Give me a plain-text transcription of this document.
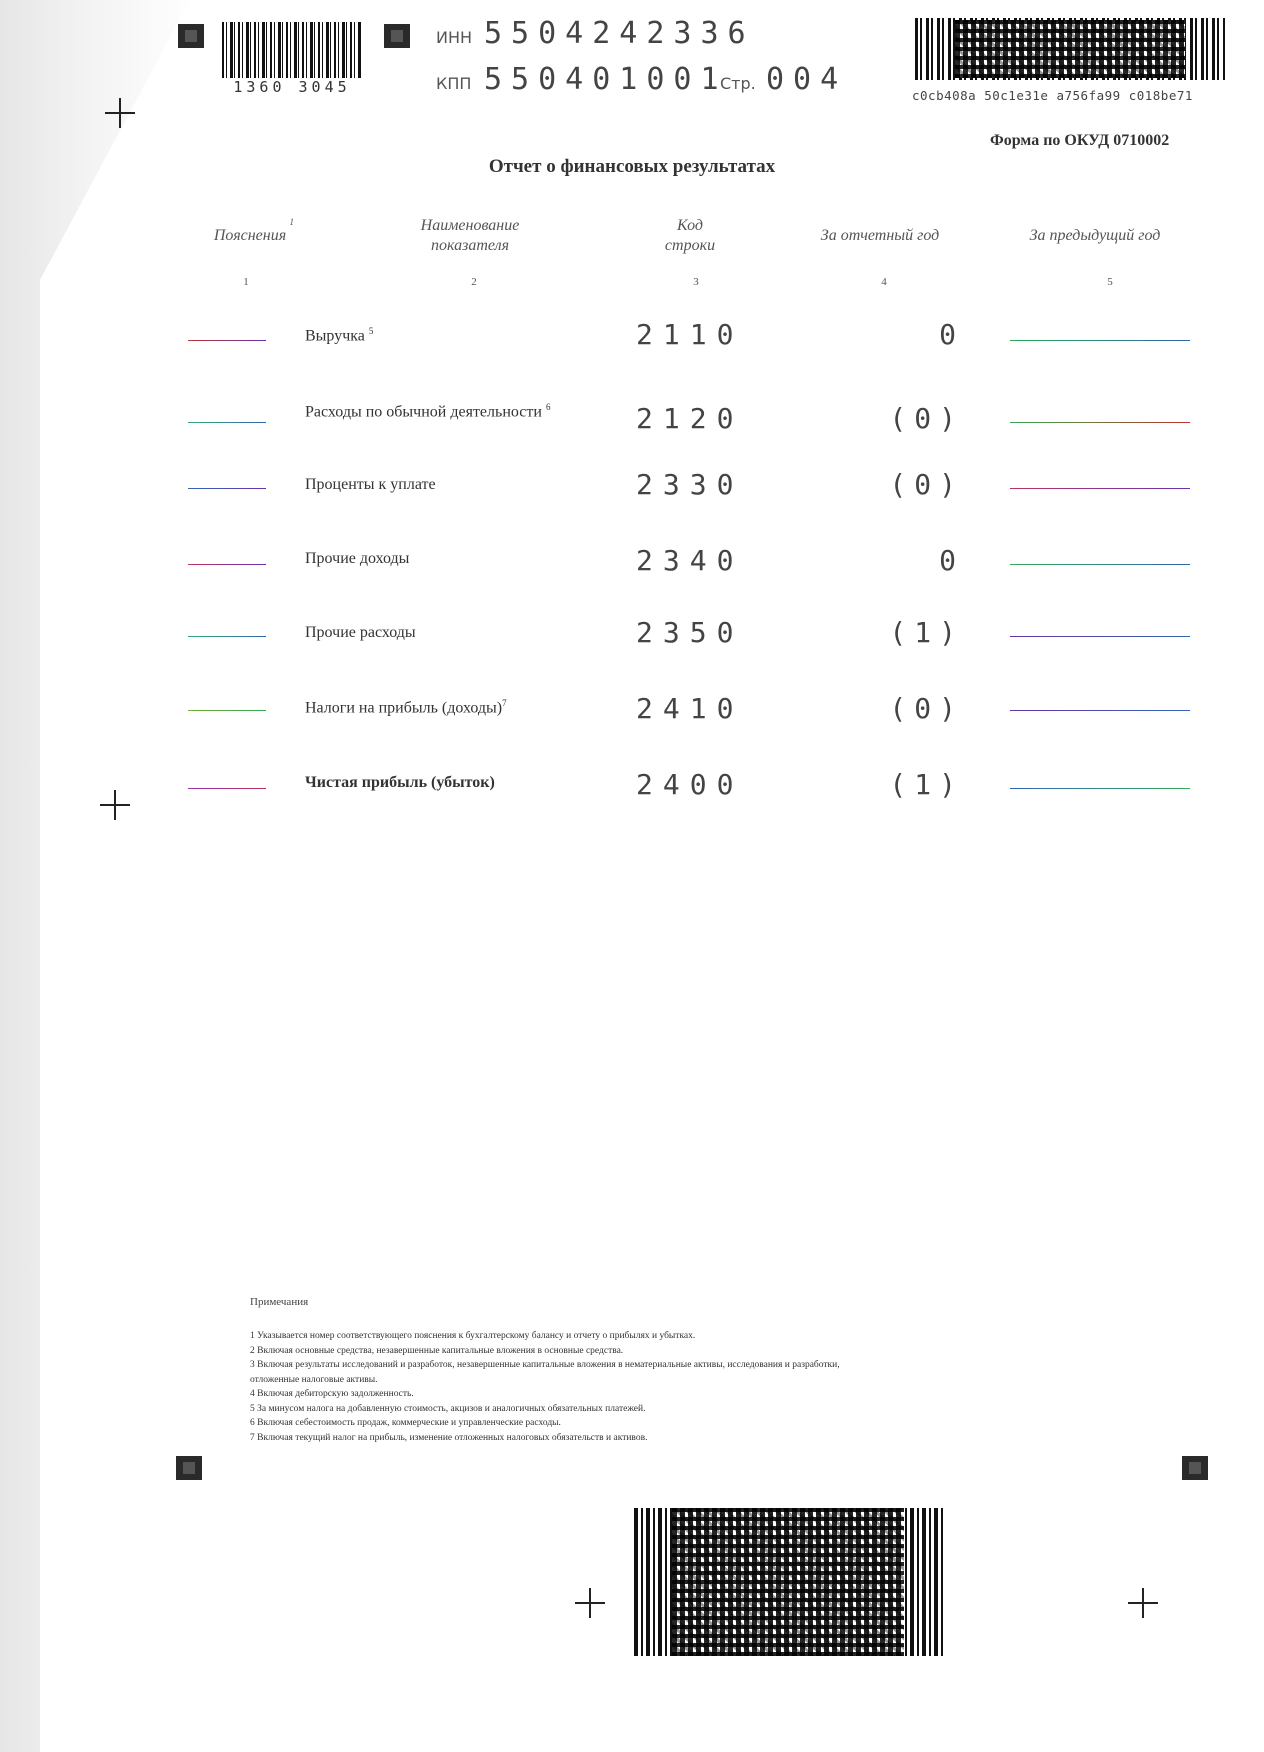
1360 3045
ИНН 5504242336
КПП 550401001
Стр. 004	c0cb408a 50c1e31e a756fa99 c018be71
Форма по ОКУД 0710002
Отчет о финансовых результатах
Пояснения
1	Наименование показателя
Код строки
За отчетный год	За предыдущий год
1	2	3	4	5
Выручка $^5$	2110	0
Расходы по обычной деятельности $^6$	2120	(0)
Проценты к уплате	2330	(0)
Прочие доходы	2340	0
Прочие расходы	2350	(1)
Налоги на прибыль (доходы)$^7$	2410	(0)
Чистая прибыль (убыток)	2400	(1)
Примечания
1 Указывается номер соответствующего пояснения к бухгалтерскому балансу и отчету о прибылях и убытках.
2 Включая основные средства, незавершенные капитальные вложения в основные средства.
3 Включая результаты исследований и разработок, незавершенные капитальные вложения в нематериальные активы, исследования и разработки,
отложенные налоговые активы.
4 Включая дебиторскую задолженность.
5 За минусом налога на добавленную стоимость, акцизов и аналогичных обязательных платежей.
6 Включая себестоимость продаж, коммерческие и управленческие расходы.
7 Включая текущий налог на прибыль, изменение отложенных налоговых обязательств и активов.
